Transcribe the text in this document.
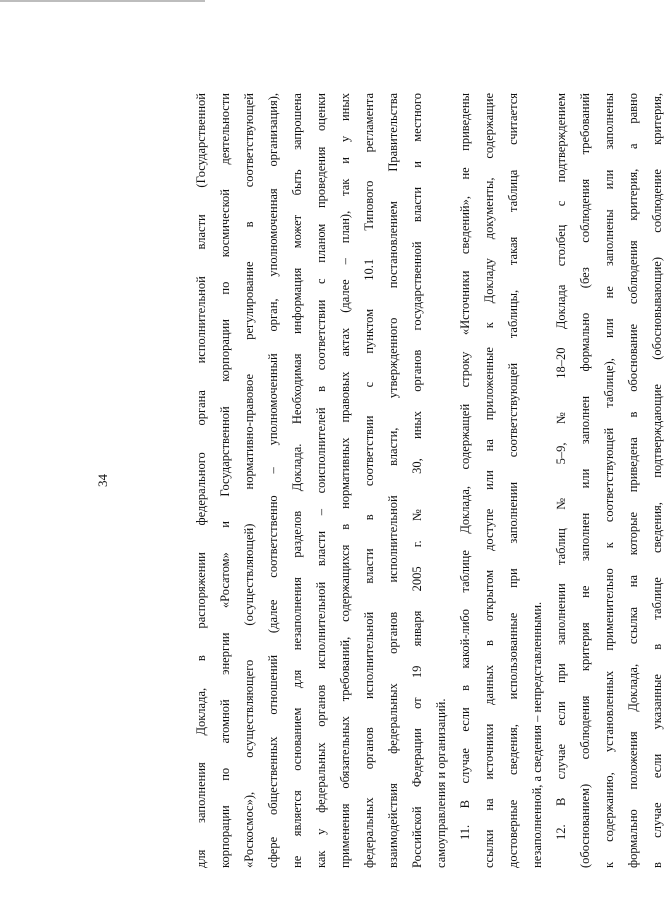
34	для заполнения Доклада, в распоряжении федерального органа исполнительной власти (Государственной корпорации по атомной энергии «Росатом» и Государственной корпорации по космической деятельности «Роскосмос»), осуществляющего (осуществляющей) нормативно-правовое регулирование в соответствующей сфере общественных отношений (далее соответственно – уполномоченный орган, уполномоченная организация), не является основанием для незаполнения разделов Доклада. Необходимая информация может быть запрошена как у федеральных органов исполнительной власти – соисполнителей в соответствии с планом проведения оценки применения обязательных требований, содержащихся в нормативных правовых актах (далее – план), так и у иных федеральных органов исполнительной власти в соответствии с пунктом 10.1 Типового регламента взаимодействия федеральных органов исполнительной власти, утвержденного постановлением Правительства Российской Федерации от 19 января 2005 г. № 30, иных органов государственной власти и местного самоуправления и организаций. 11. В случае если в какой-либо таблице Доклада, содержащей строку «Источники сведений», не приведены ссылки на источники данных в открытом доступе или на приложенные к Докладу документы, содержащие достоверные сведения, использованные при заполнении соответствующей таблицы, такая таблица считается незаполненной, а сведения – непредставленными. 12. В случае если при заполнении таблиц № 5–9, № 18–20 Доклада столбец с подтверждением (обоснованием) соблюдения критерия не заполнен или заполнен формально (без соблюдения требований к содержанию, установленных применительно к соответствующей таблице), или не заполнены или заполнены формально положения Доклада, ссылка на которые приведена в обоснование соблюдения критерия, а равно в случае если указанные в таблице сведения, подтверждающие (обосновывающие) соблюдение критерия,
